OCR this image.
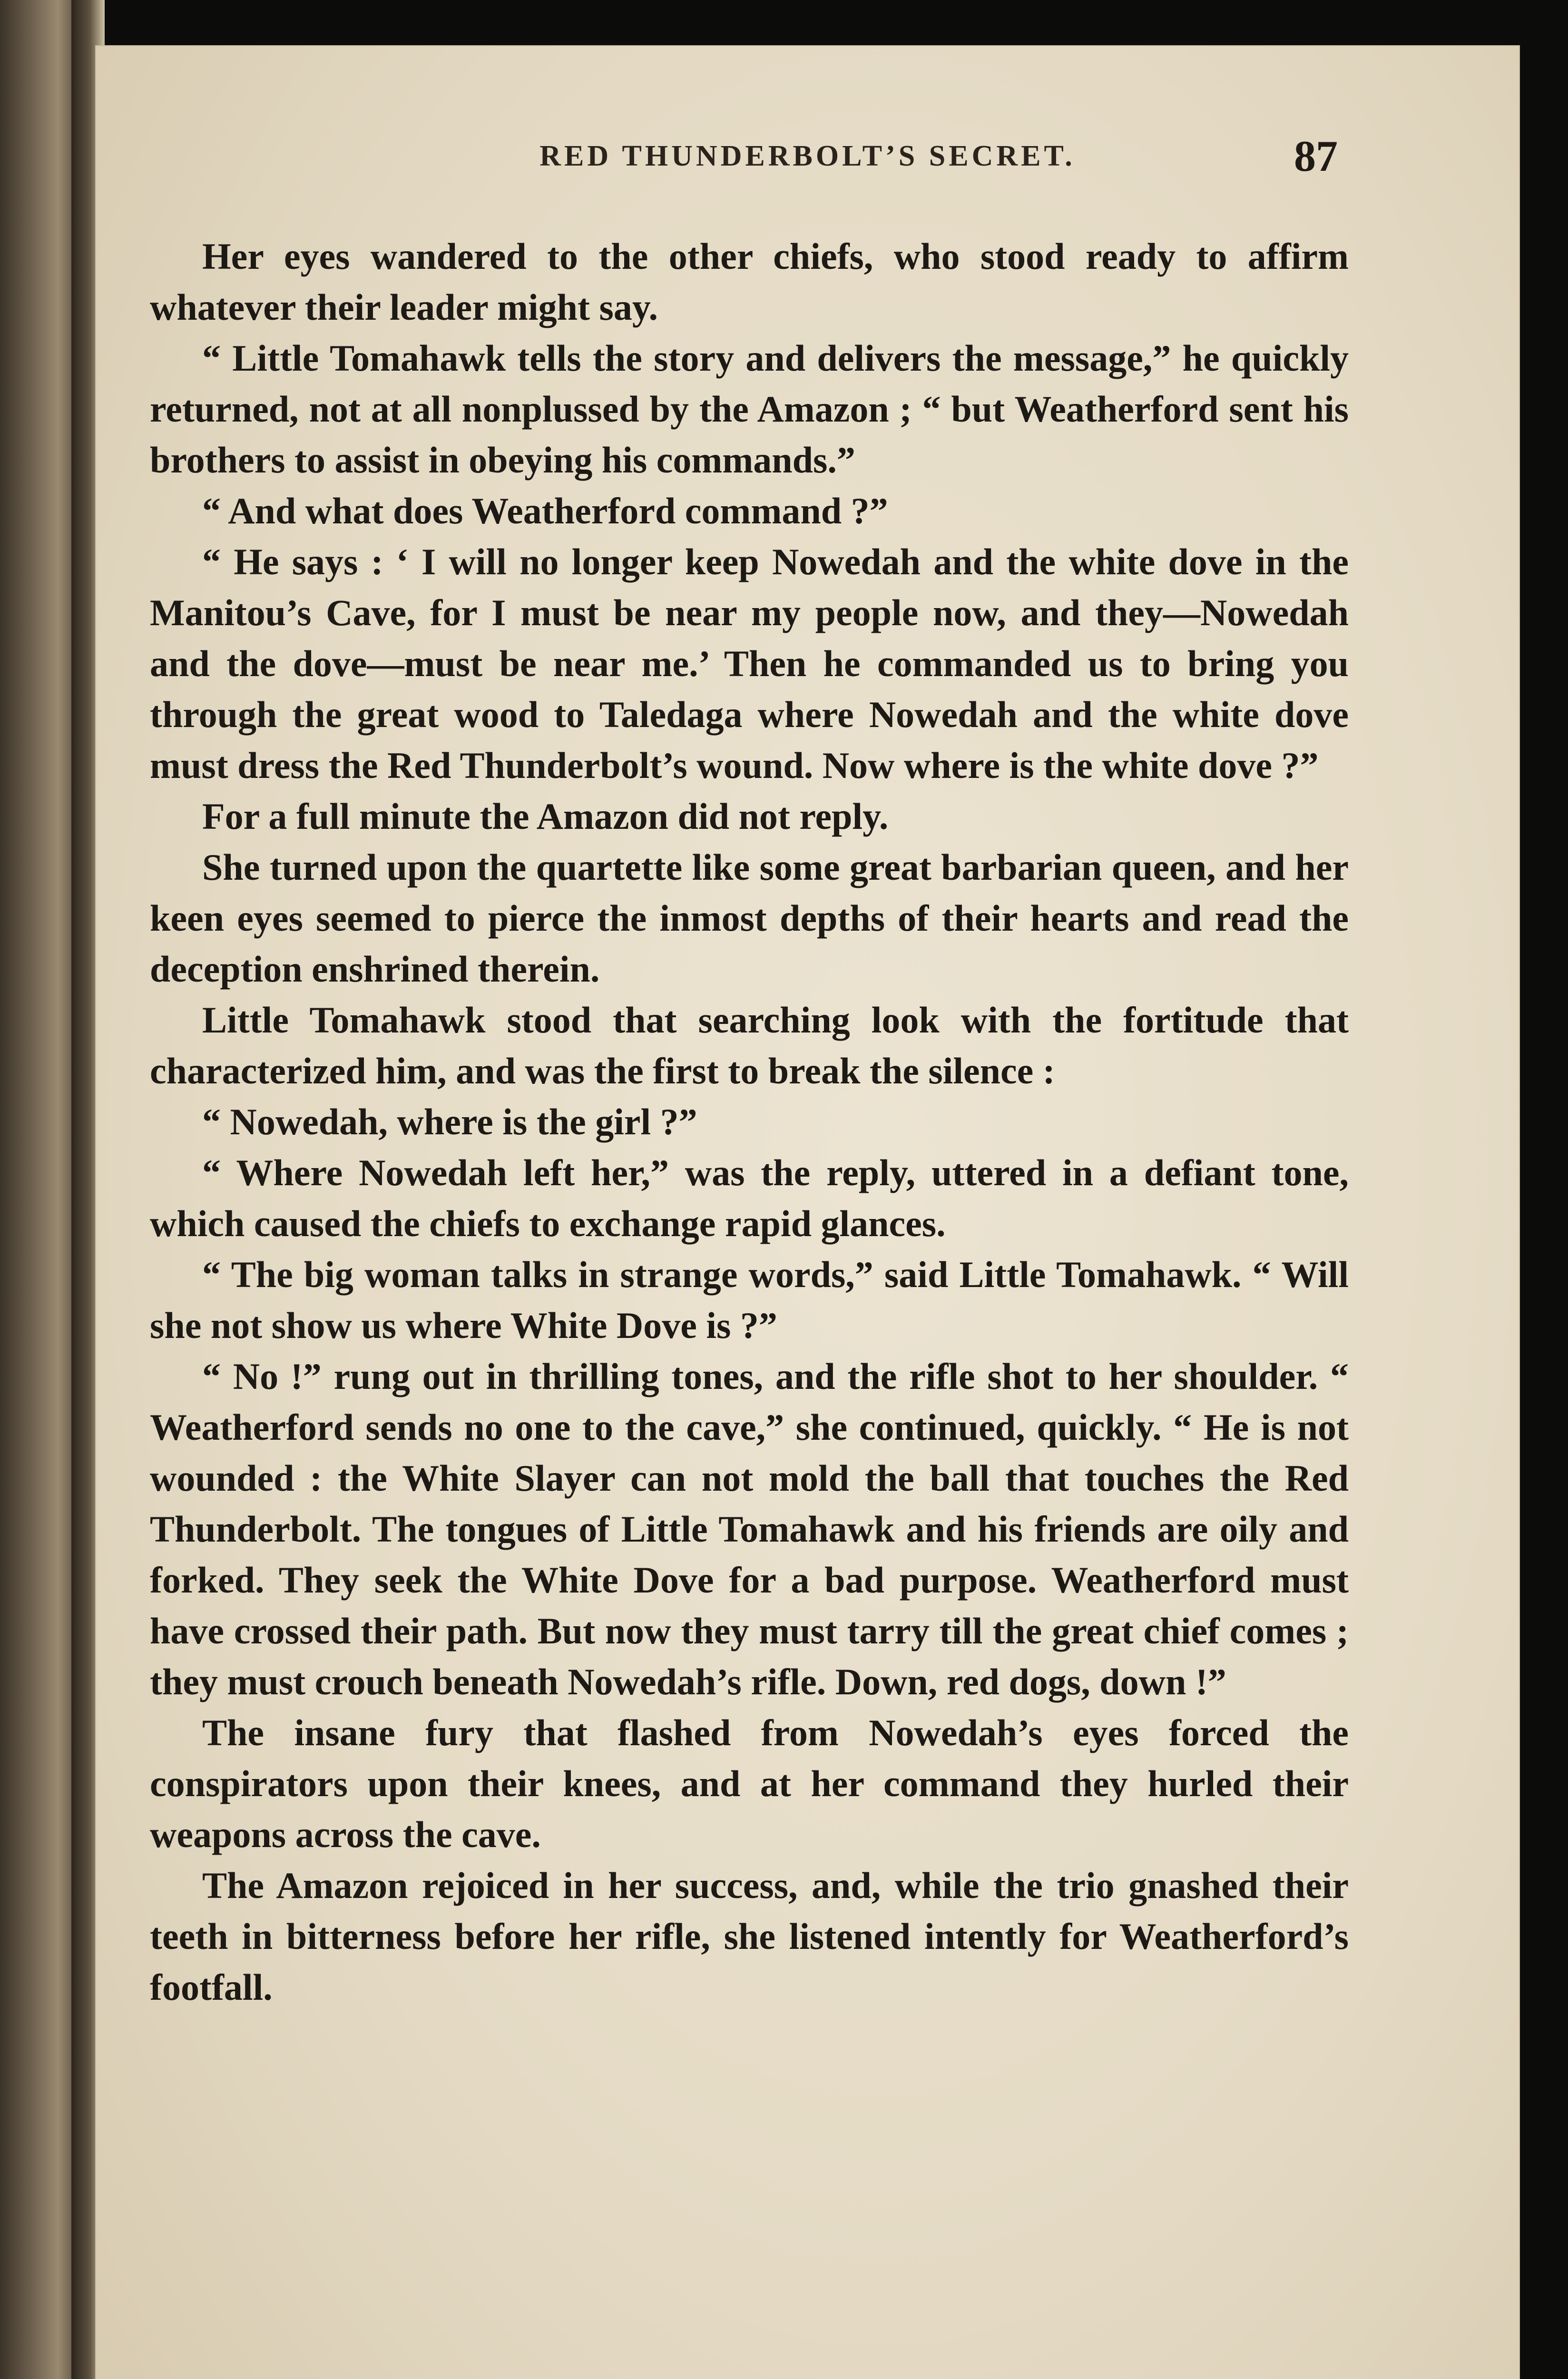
RED THUNDERBOLT’S SECRET.	87

Her eyes wandered to the other chiefs, who stood ready to affirm whatever their leader might say.

“ Little Tomahawk tells the story and delivers the message,” he quickly returned, not at all nonplussed by the Amazon ; “ but Weatherford sent his brothers to assist in obeying his commands.”

“ And what does Weatherford command ?”

“ He says : ‘ I will no longer keep Nowedah and the white dove in the Manitou’s Cave, for I must be near my people now, and they—Nowedah and the dove—must be near me.’ Then he commanded us to bring you through the great wood to Taledaga where Nowedah and the white dove must dress the Red Thunderbolt’s wound. Now where is the white dove ?”

For a full minute the Amazon did not reply.

She turned upon the quartette like some great barbarian queen, and her keen eyes seemed to pierce the inmost depths of their hearts and read the deception enshrined therein.

Little Tomahawk stood that searching look with the fortitude that characterized him, and was the first to break the silence :

“ Nowedah, where is the girl ?”

“ Where Nowedah left her,” was the reply, uttered in a defiant tone, which caused the chiefs to exchange rapid glances.

“ The big woman talks in strange words,” said Little Tomahawk. “ Will she not show us where White Dove is ?”

“ No !” rung out in thrilling tones, and the rifle shot to her shoulder. “ Weatherford sends no one to the cave,” she continued, quickly. “ He is not wounded : the White Slayer can not mold the ball that touches the Red Thunderbolt. The tongues of Little Tomahawk and his friends are oily and forked. They seek the White Dove for a bad purpose. Weatherford must have crossed their path. But now they must tarry till the great chief comes ; they must crouch beneath Nowedah’s rifle. Down, red dogs, down !”

The insane fury that flashed from Nowedah’s eyes forced the conspirators upon their knees, and at her command they hurled their weapons across the cave.

The Amazon rejoiced in her success, and, while the trio gnashed their teeth in bitterness before her rifle, she listened intently for Weatherford’s footfall.
